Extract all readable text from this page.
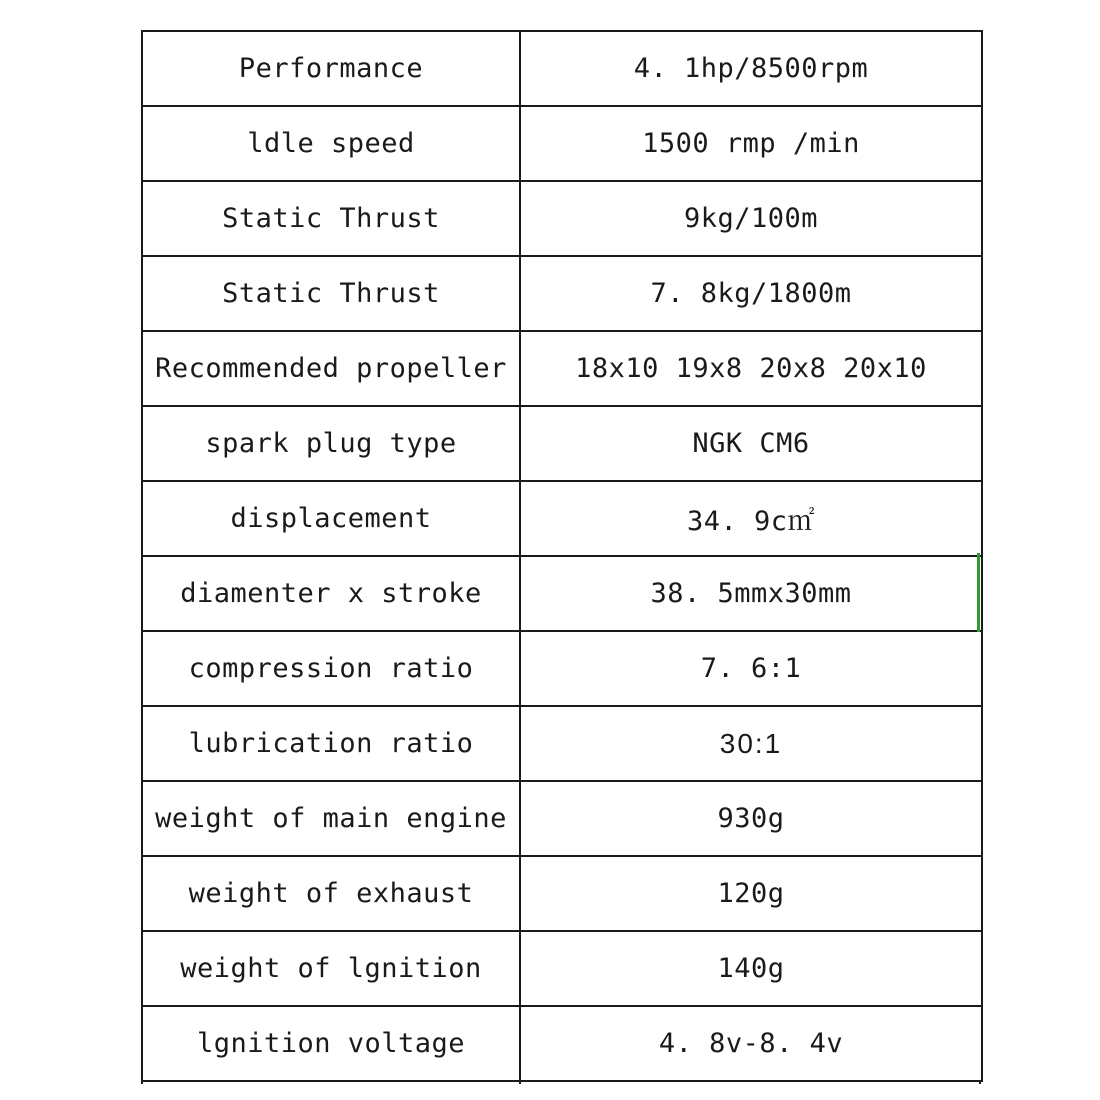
Performance	4. 1hp/8500rpm
ldle speed	1500 rmp /min
Static Thrust	9kg/100m
Static Thrust	7. 8kg/1800m
Recommended propeller	18x10 19x8 20x8 20x10
spark plug type	NGK CM6
displacement	34. 9c㎡
diamenter x stroke	38. 5mmx30mm
compression ratio	7. 6:1
lubrication ratio	30:1
weight of main engine	930g
weight of exhaust	120g
weight of lgnition	140g
lgnition voltage	4. 8v-8. 4v
